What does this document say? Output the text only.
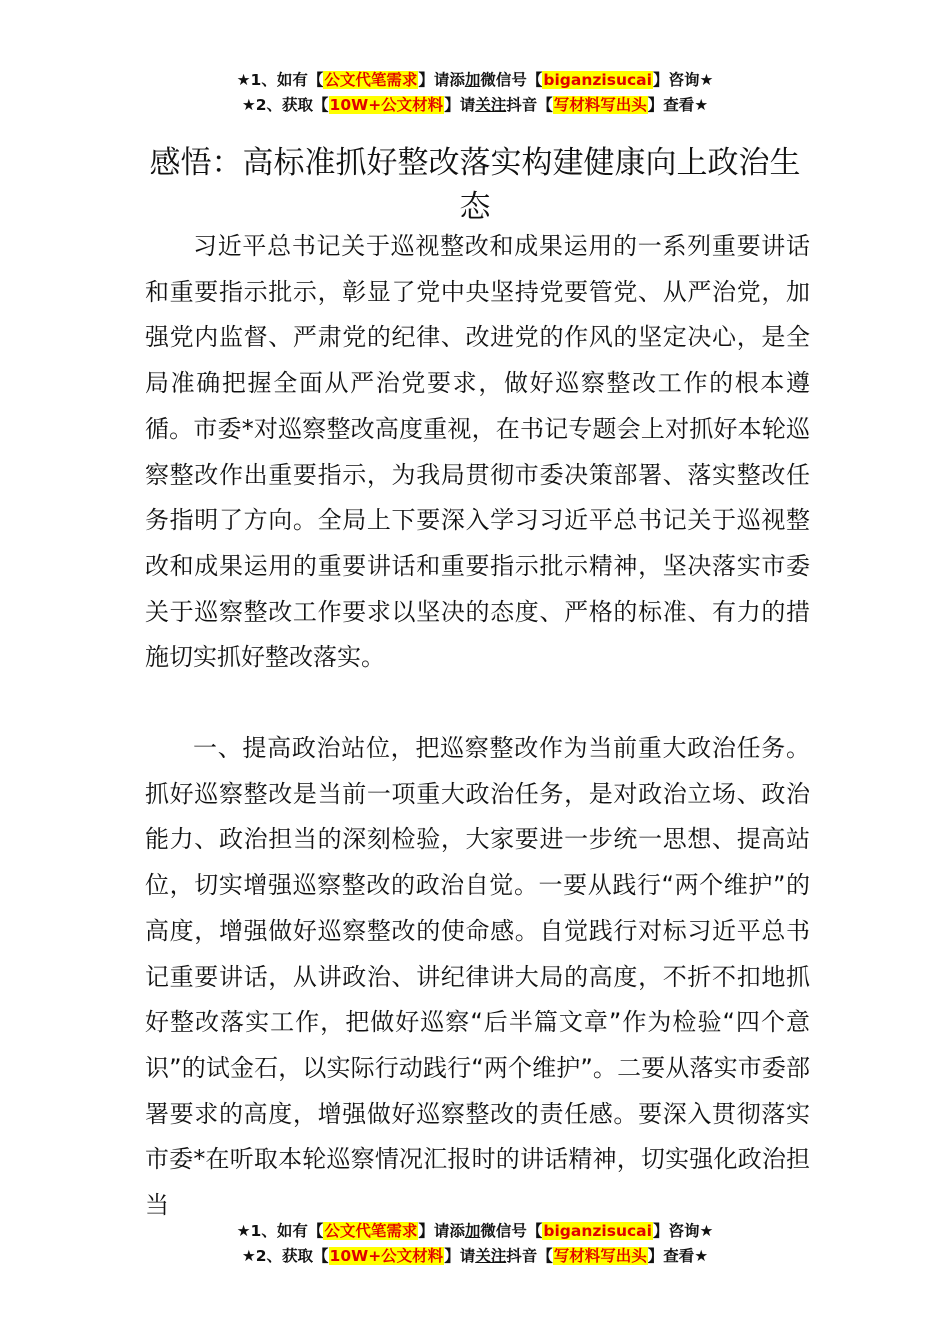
★1、如有【公文代笔需求】请添加微信号【biganzisucai】咨询★
★2、获取【10W+公文材料】请关注抖音【写材料写出头】查看★
感悟：高标准抓好整改落实构建健康向上政治生态

习近平总书记关于巡视整改和成果运用的一系列重要讲话和重要指示批示，彰显了党中央坚持党要管党、从严治党，加强党内监督、严肃党的纪律、改进党的作风的坚定决心，是全局准确把握全面从严治党要求，做好巡察整改工作的根本遵循。市委*对巡察整改高度重视，在书记专题会上对抓好本轮巡察整改作出重要指示，为我局贯彻市委决策部署、落实整改任务指明了方向。全局上下要深入学习习近平总书记关于巡视整改和成果运用的重要讲话和重要指示批示精神，坚决落实市委关于巡察整改工作要求以坚决的态度、严格的标准、有力的措施切实抓好整改落实。

一、提高政治站位，把巡察整改作为当前重大政治任务。抓好巡察整改是当前一项重大政治任务，是对政治立场、政治能力、政治担当的深刻检验，大家要进一步统一思想、提高站位，切实增强巡察整改的政治自觉。一要从践行“两个维护”的高度，增强做好巡察整改的使命感。自觉践行对标习近平总书记重要讲话，从讲政治、讲纪律讲大局的高度，不折不扣地抓好整改落实工作，把做好巡察“后半篇文章”作为检验“四个意识”的试金石，以实际行动践行“两个维护”。二要从落实市委部署要求的高度，增强做好巡察整改的责任感。要深入贯彻落实市委*在听取本轮巡察情况汇报时的讲话精神，切实强化政治担当

★1、如有【公文代笔需求】请添加微信号【biganzisucai】咨询★
★2、获取【10W+公文材料】请关注抖音【写材料写出头】查看★
